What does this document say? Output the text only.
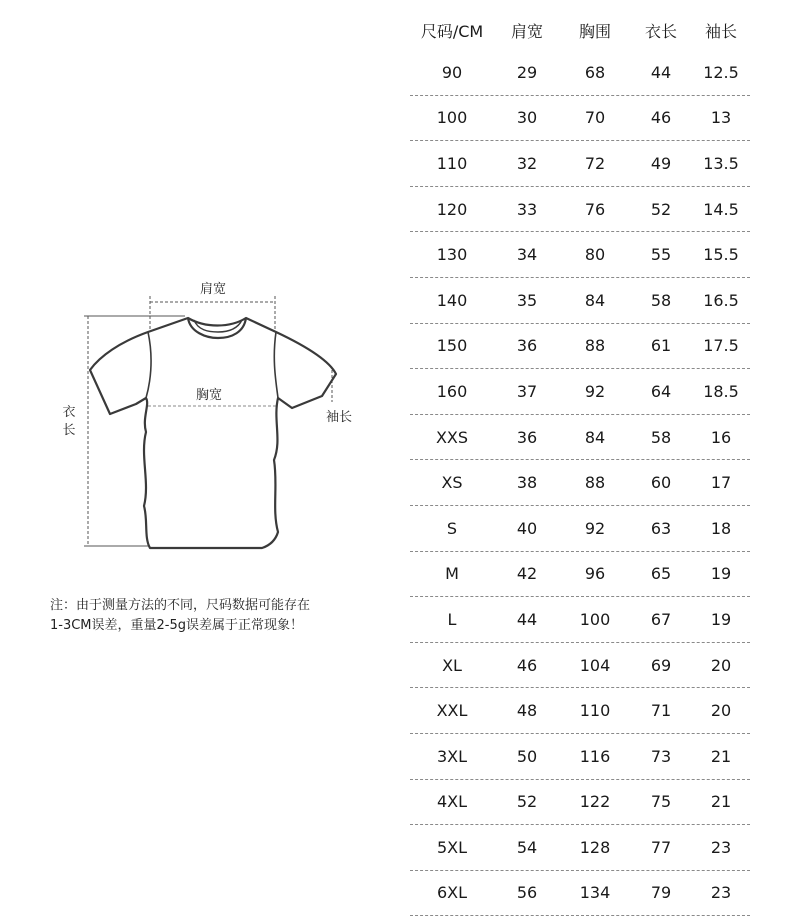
肩宽
胸宽
袖长
衣长
注：由于测量方法的不同，尺码数据可能存在
1-3CM误差，重量2-5g误差属于正常现象！
尺码/CM	肩宽	胸围	衣长	袖长
90	29	68	44	12.5
100	30	70	46	13
110	32	72	49	13.5
120	33	76	52	14.5
130	34	80	55	15.5
140	35	84	58	16.5
150	36	88	61	17.5
160	37	92	64	18.5
XXS	36	84	58	16
XS	38	88	60	17
S	40	92	63	18
M	42	96	65	19
L	44	100	67	19
XL	46	104	69	20
XXL	48	110	71	20
3XL	50	116	73	21
4XL	52	122	75	21
5XL	54	128	77	23
6XL	56	134	79	23
